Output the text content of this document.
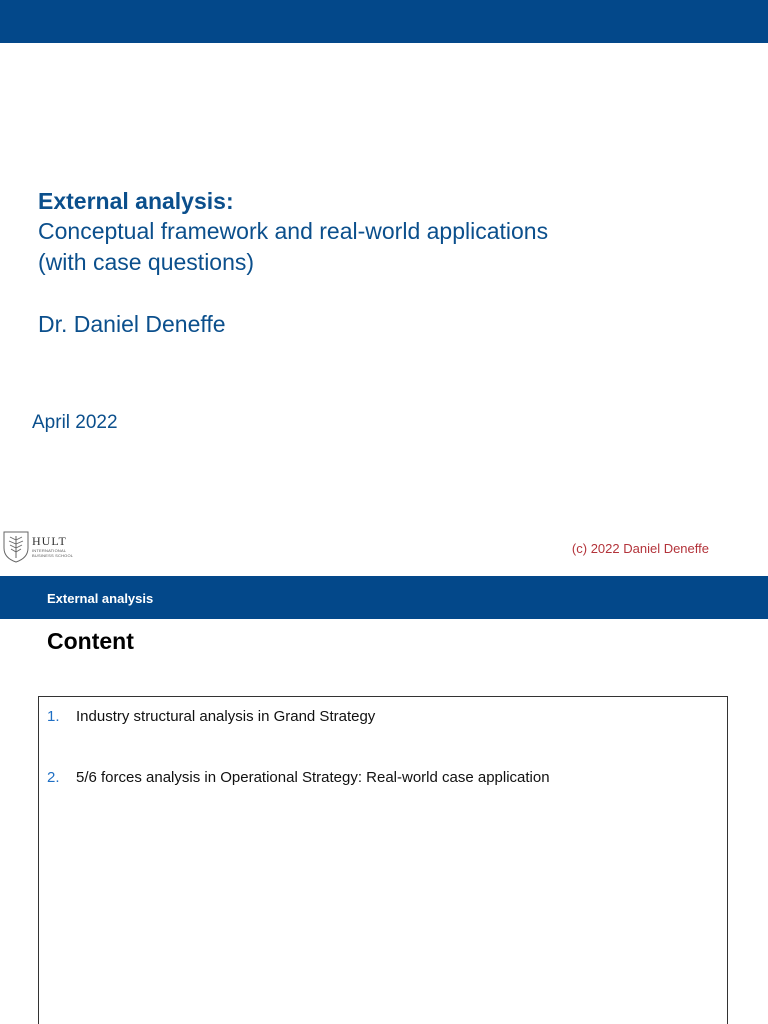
External analysis:
Conceptual framework and real-world applications
(with case questions)
Dr. Daniel Deneffe
April 2022
HULT
INTERNATIONAL
BUSINESS SCHOOL	(c) 2022 Daniel Deneffe
External analysis
Content
1.	Industry structural analysis in Grand Strategy
2.	5/6 forces analysis in Operational Strategy: Real-world case application
